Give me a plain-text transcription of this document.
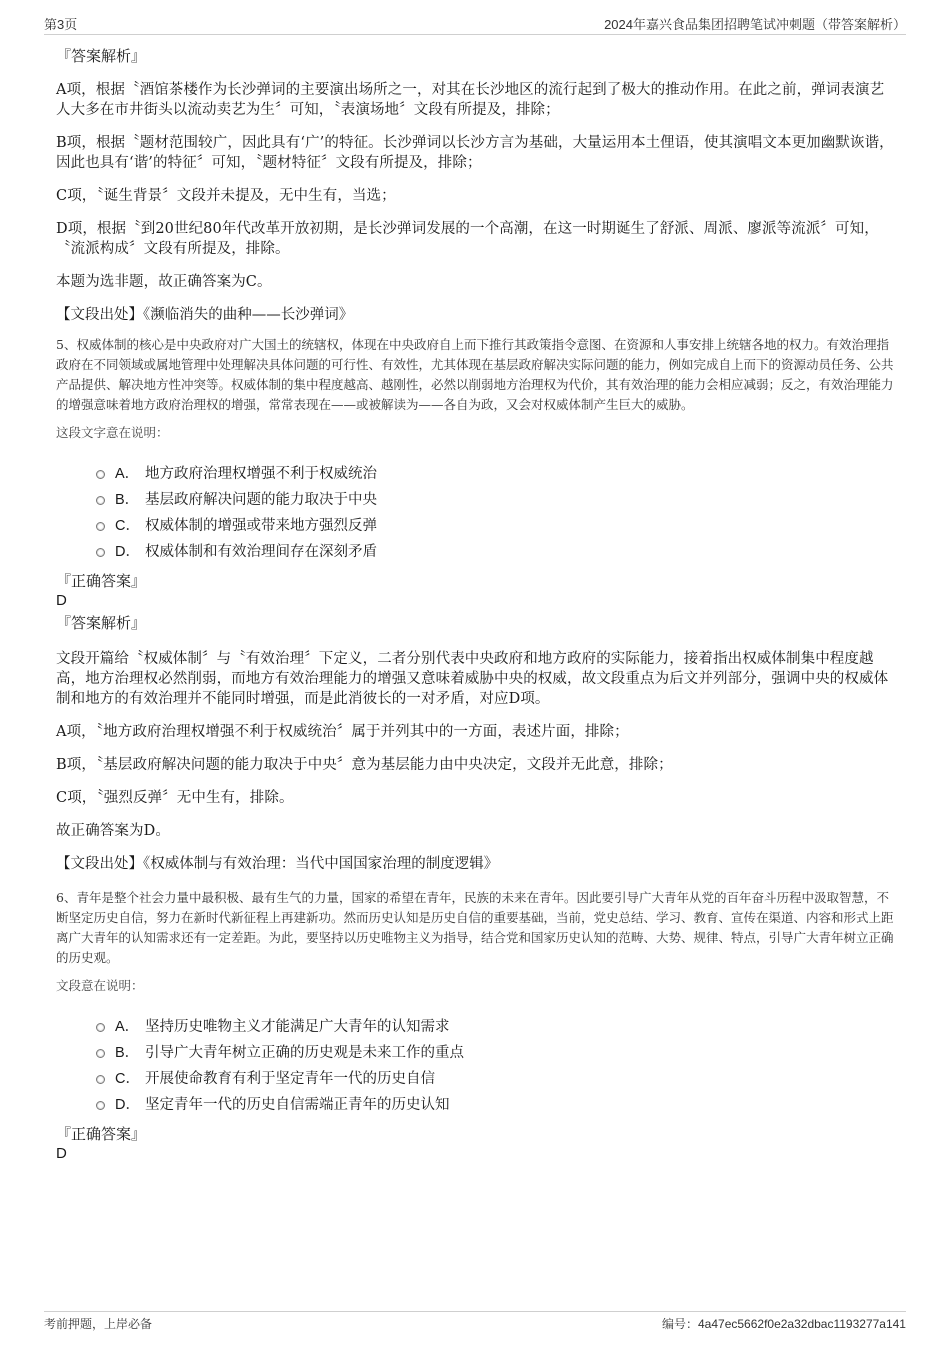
第3页	2024年嘉兴食品集团招聘笔试冲刺题（带答案解析）

『答案解析』

A项，根据〝酒馆茶楼作为长沙弹词的主要演出场所之一，对其在长沙地区的流行起到了极大的推动作用。在此之前，弹词表演艺人大多在市井街头以流动卖艺为生〞可知，〝表演场地〞文段有所提及，排除；

B项，根据〝题材范围较广，因此具有‘广’的特征。长沙弹词以长沙方言为基础，大量运用本土俚语，使其演唱文本更加幽默诙谐，因此也具有‘谐’的特征〞可知，〝题材特征〞文段有所提及，排除；

C项，〝诞生背景〞文段并未提及，无中生有，当选；

D项，根据〝到20世纪80年代改革开放初期，是长沙弹词发展的一个高潮，在这一时期诞生了舒派、周派、廖派等流派〞可知，〝流派构成〞文段有所提及，排除。

本题为选非题，故正确答案为C。

【文段出处】《濒临消失的曲种——长沙弹词》

5、权威体制的核心是中央政府对广大国土的统辖权，体现在中央政府自上而下推行其政策指令意图、在资源和人事安排上统辖各地的权力。有效治理指政府在不同领域或属地管理中处理解决具体问题的可行性、有效性，尤其体现在基层政府解决实际问题的能力，例如完成自上而下的资源动员任务、公共产品提供、解决地方性冲突等。权威体制的集中程度越高、越刚性，必然以削弱地方治理权为代价，其有效治理的能力会相应减弱；反之，有效治理能力的增强意味着地方政府治理权的增强，常常表现在——或被解读为——各自为政，又会对权威体制产生巨大的威胁。

这段文字意在说明：

A． 地方政府治理权增强不利于权威统治
B． 基层政府解决问题的能力取决于中央
C． 权威体制的增强或带来地方强烈反弹
D． 权威体制和有效治理间存在深刻矛盾

『正确答案』

D

『答案解析』

文段开篇给〝权威体制〞与〝有效治理〞下定义，二者分别代表中央政府和地方政府的实际能力，接着指出权威体制集中程度越高，地方治理权必然削弱，而地方有效治理能力的增强又意味着威胁中央的权威，故文段重点为后文并列部分，强调中央的权威体制和地方的有效治理并不能同时增强，而是此消彼长的一对矛盾，对应D项。

A项，〝地方政府治理权增强不利于权威统治〞属于并列其中的一方面，表述片面，排除；

B项，〝基层政府解决问题的能力取决于中央〞意为基层能力由中央决定，文段并无此意，排除；

C项，〝强烈反弹〞无中生有，排除。

故正确答案为D。

【文段出处】《权威体制与有效治理：当代中国国家治理的制度逻辑》

6、青年是整个社会力量中最积极、最有生气的力量，国家的希望在青年，民族的未来在青年。因此要引导广大青年从党的百年奋斗历程中汲取智慧，不断坚定历史自信，努力在新时代新征程上再建新功。然而历史认知是历史自信的重要基础，当前，党史总结、学习、教育、宣传在渠道、内容和形式上距离广大青年的认知需求还有一定差距。为此，要坚持以历史唯物主义为指导，结合党和国家历史认知的范畴、大势、规律、特点，引导广大青年树立正确的历史观。

文段意在说明：

A． 坚持历史唯物主义才能满足广大青年的认知需求
B． 引导广大青年树立正确的历史观是未来工作的重点
C． 开展使命教育有利于坚定青年一代的历史自信
D． 坚定青年一代的历史自信需端正青年的历史认知

『正确答案』

D

考前押题，上岸必备	编号：4a47ec5662f0e2a32dbac1193277a141
